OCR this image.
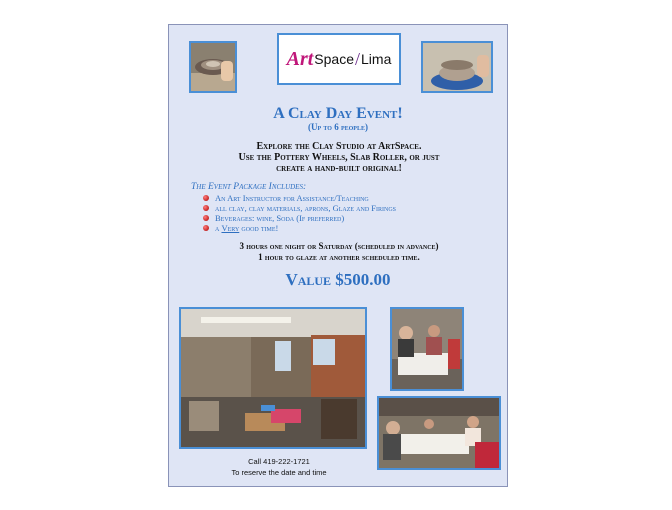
Art Space / Lima
A Clay Day Event!
(Up to 6 people)
Explore the Clay Studio at ArtSpace.
Use the Pottery Wheels, Slab Roller, or just
create a hand-built original!
The Event Package Includes:
An Art Instructor for Assistance/Teaching
all clay, clay materials, aprons, Glaze and Firings
Beverages: wine, Soda (If preferred)
a Very good time!
3 hours one night or Saturday (scheduled in advance)
1 hour to glaze at another scheduled time.
Value $500.00
Call 419-222-1721
To reserve the date and time
